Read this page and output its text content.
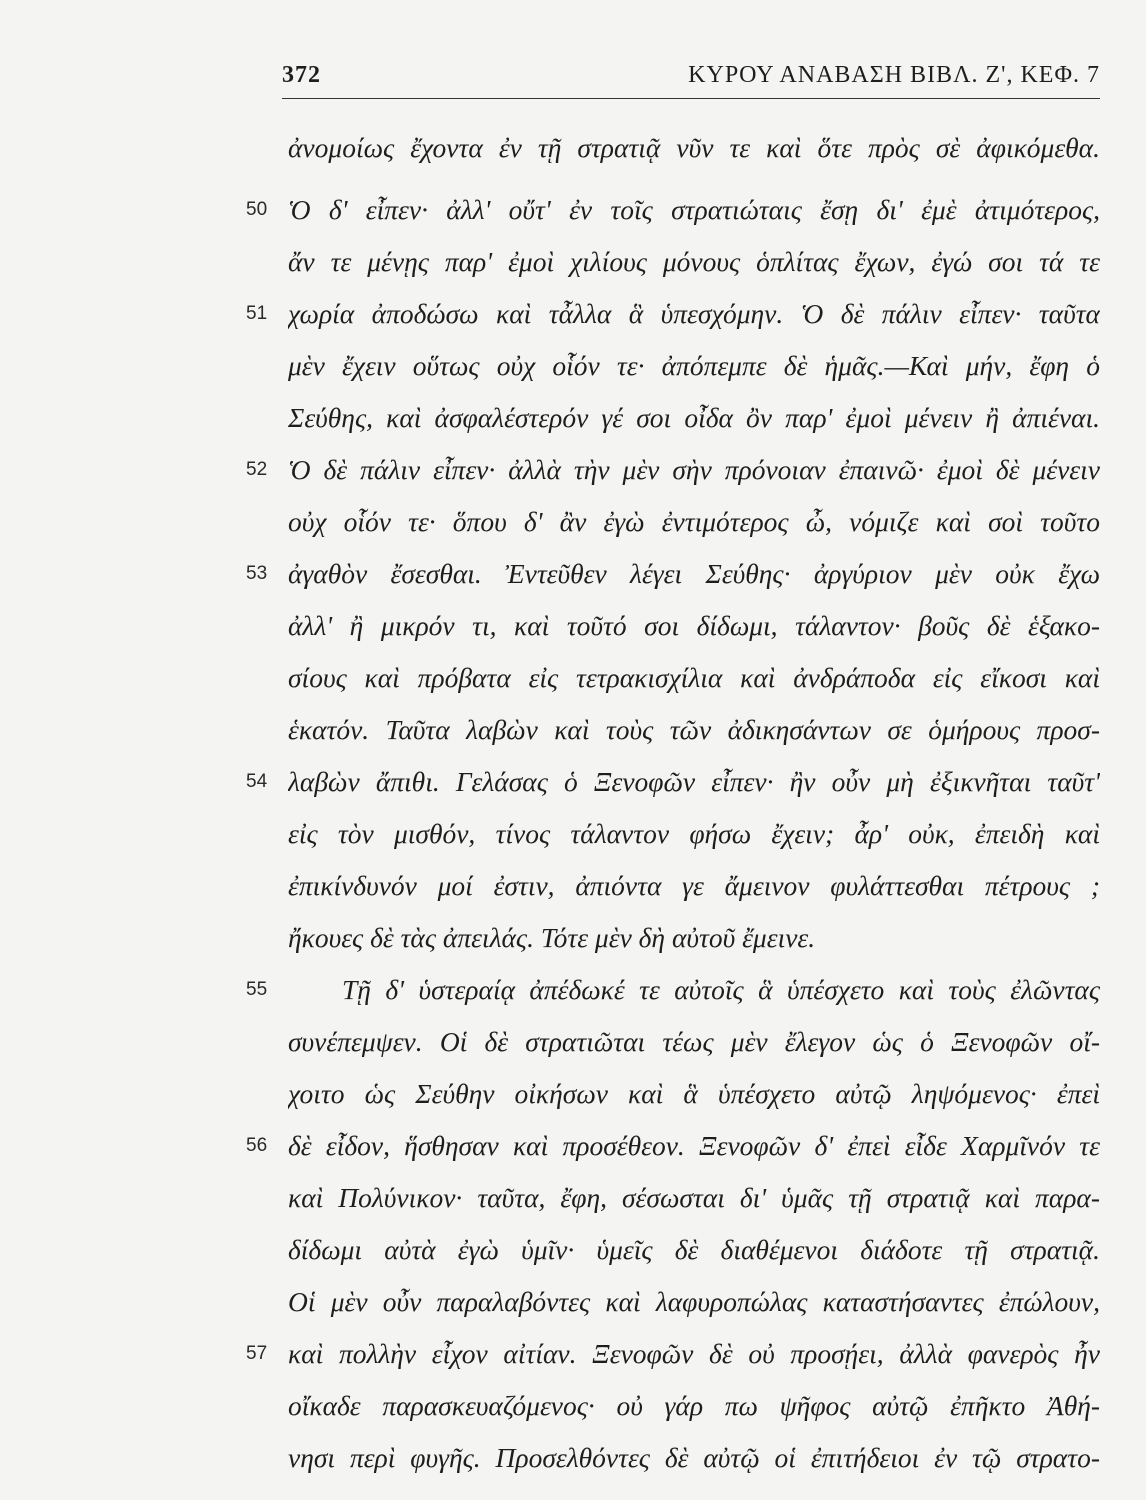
372	ΚΥΡΟΥ ΑΝΑΒΑΣΗ ΒΙΒΛ. Ζ', ΚΕΦ. 7
ἀνομοίως ἔχοντα ἐν τῇ στρατιᾷ νῦν τε καὶ ὅτε πρὸς σὲ ἀφικόμεθα.
50 Ὁ δ' εἶπεν· ἀλλ' οὔτ' ἐν τοῖς στρατιώταις ἔσῃ δι' ἐμὲ ἀτιμότερος,
ἄν τε μένῃς παρ' ἐμοὶ χιλίους μόνους ὁπλίτας ἔχων, ἐγώ σοι τά τε
51 χωρία ἀποδώσω καὶ τἆλλα ἃ ὑπεσχόμην. Ὁ δὲ πάλιν εἶπεν· ταῦτα
μὲν ἔχειν οὕτως οὐχ οἷόν τε· ἀπόπεμπε δὲ ἡμᾶς.—Καὶ μήν, ἔφη ὁ
Σεύθης, καὶ ἀσφαλέστερόν γέ σοι οἶδα ὂν παρ' ἐμοὶ μένειν ἢ ἀπιέναι.
52 Ὁ δὲ πάλιν εἶπεν· ἀλλὰ τὴν μὲν σὴν πρόνοιαν ἐπαινῶ· ἐμοὶ δὲ μένειν
οὐχ οἷόν τε· ὅπου δ' ἂν ἐγὼ ἐντιμότερος ὦ, νόμιζε καὶ σοὶ τοῦτο
53 ἀγαθὸν ἔσεσθαι. Ἐντεῦθεν λέγει Σεύθης· ἀργύριον μὲν οὐκ ἔχω
ἀλλ' ἢ μικρόν τι, καὶ τοῦτό σοι δίδωμι, τάλαντον· βοῦς δὲ ἑξακο-
σίους καὶ πρόβατα εἰς τετρακισχίλια καὶ ἀνδράποδα εἰς εἴκοσι καὶ
ἑκατόν. Ταῦτα λαβὼν καὶ τοὺς τῶν ἀδικησάντων σε ὁμήρους προσ-
54 λαβὼν ἄπιθι. Γελάσας ὁ Ξενοφῶν εἶπεν· ἢν οὖν μὴ ἐξικνῆται ταῦτ'
εἰς τὸν μισθόν, τίνος τάλαντον φήσω ἔχειν; ἆρ' οὐκ, ἐπειδὴ καὶ
ἐπικίνδυνόν μοί ἐστιν, ἀπιόντα γε ἄμεινον φυλάττεσθαι πέτρους ;
ἤκουες δὲ τὰς ἀπειλάς. Τότε μὲν δὴ αὐτοῦ ἔμεινε.
55	Τῇ δ' ὑστεραίᾳ ἀπέδωκέ τε αὐτοῖς ἃ ὑπέσχετο καὶ τοὺς ἐλῶντας
συνέπεμψεν. Οἱ δὲ στρατιῶται τέως μὲν ἔλεγον ὡς ὁ Ξενοφῶν οἴ-
χοιτο ὡς Σεύθην οἰκήσων καὶ ἃ ὑπέσχετο αὐτῷ ληψόμενος· ἐπεὶ
56 δὲ εἶδον, ἥσθησαν καὶ προσέθεον. Ξενοφῶν δ' ἐπεὶ εἶδε Χαρμῖνόν τε
καὶ Πολύνικον· ταῦτα, ἔφη, σέσωσται δι' ὑμᾶς τῇ στρατιᾷ καὶ παρα-
δίδωμι αὐτὰ ἐγὼ ὑμῖν· ὑμεῖς δὲ διαθέμενοι διάδοτε τῇ στρατιᾷ.
Οἱ μὲν οὖν παραλαβόντες καὶ λαφυροπώλας καταστήσαντες ἐπώλουν,
57 καὶ πολλὴν εἶχον αἰτίαν. Ξενοφῶν δὲ οὐ προσῄει, ἀλλὰ φανερὸς ἦν
οἴκαδε παρασκευαζόμενος· οὐ γάρ πω ψῆφος αὐτῷ ἐπῆκτο Ἀθή-
νησι περὶ φυγῆς. Προσελθόντες δὲ αὐτῷ οἱ ἐπιτήδειοι ἐν τῷ στρατο-
